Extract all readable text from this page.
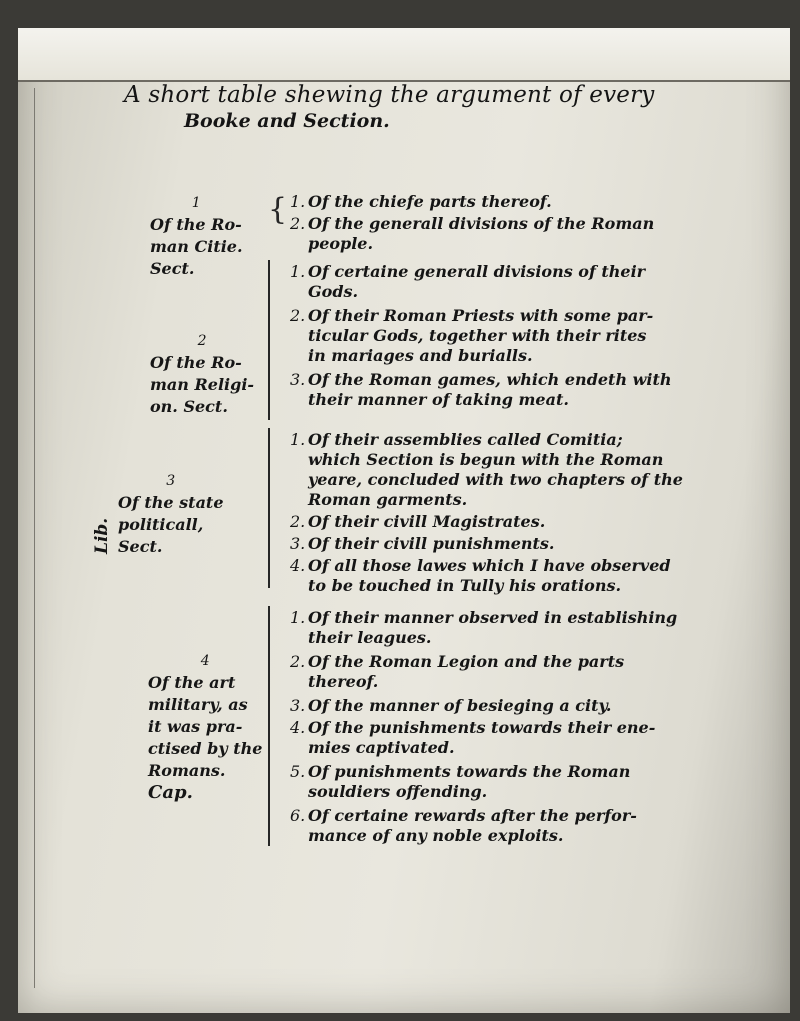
A short table shewing the argument of every
Booke and Section.
Lib.
1
Of the Ro-
man Citie.
Sect.
{ 1. Of the chiefe parts thereof.
2. Of the generall divisions of the Roman
people.
2
Of the Ro-
man Religi-
on. Sect.
1. Of certaine generall divisions of their
Gods.
2. Of their Roman Priests with some par-
ticular Gods, together with their rites
in mariages and burialls.
3. Of the Roman games, which endeth with
their manner of taking meat.
3
Of the state
politicall,
Sect.
1. Of their assemblies called Comitia;
which Section is begun with the Roman
yeare, concluded with two chapters of the
Roman garments.
2. Of their civill Magistrates.
3. Of their civill punishments.
4. Of all those lawes which I have observed
to be touched in Tully his orations.
4
Of the art
military, as
it was pra-
ctised by the
Romans.
Cap.
1. Of their manner observed in establishing
their leagues.
2. Of the Roman Legion and the parts
thereof.
3. Of the manner of besieging a city.
4. Of the punishments towards their ene-
mies captivated.
5. Of punishments towards the Roman
souldiers offending.
6. Of certaine rewards after the perfor-
mance of any noble exploits.
